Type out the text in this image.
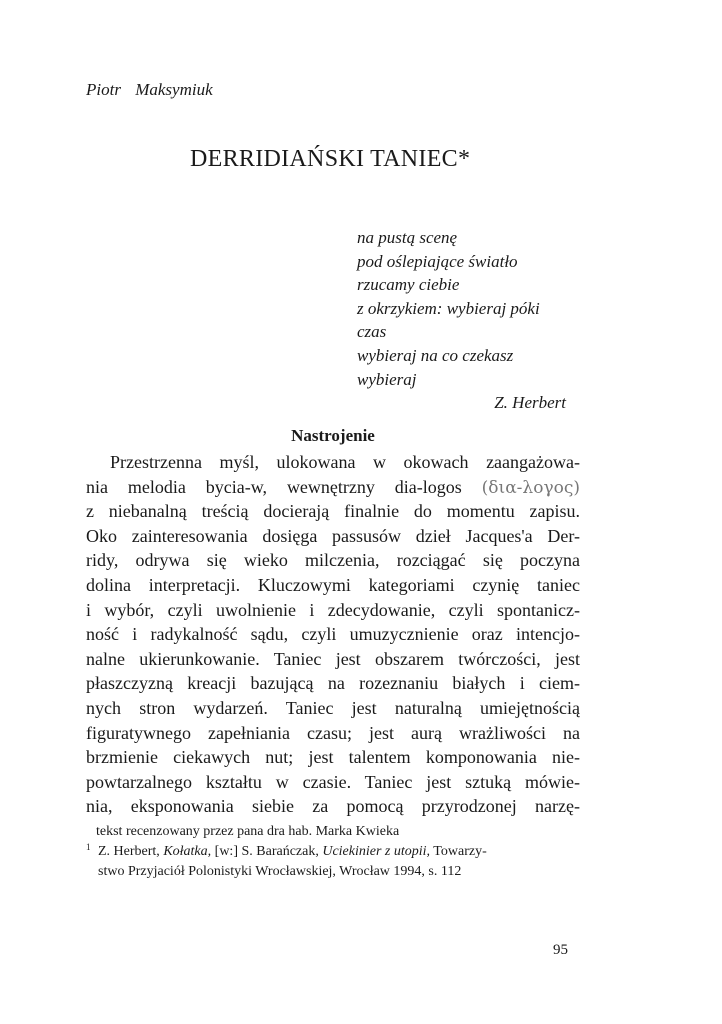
Piotr Maksymiuk
DERRIDIAŃSKI TANIEC*
na pustą scenę
pod oślepiające światło
rzucamy ciebie
z okrzykiem: wybieraj póki
czas
wybieraj na co czekasz
wybieraj
Z. Herbert
Nastrojenie
Przestrzenna myśl, ulokowana w okowach zaangażowa-
nia melodia bycia-w, wewnętrzny dia-logos (δια-λογος)
z niebanalną treścią docierają finalnie do momentu zapisu.
Oko zainteresowania dosięga passusów dzieł Jacques'a Der-
ridy, odrywa się wieko milczenia, rozciągać się poczyna
dolina interpretacji. Kluczowymi kategoriami czynię taniec
i wybór, czyli uwolnienie i zdecydowanie, czyli spontanicz-
ność i radykalność sądu, czyli umuzycznienie oraz intencjo-
nalne ukierunkowanie. Taniec jest obszarem twórczości, jest
płaszczyzną kreacji bazującą na rozeznaniu białych i ciem-
nych stron wydarzeń. Taniec jest naturalną umiejętnością
figuratywnego zapełniania czasu; jest aurą wrażliwości na
brzmienie ciekawych nut; jest talentem komponowania nie-
powtarzalnego kształtu w czasie. Taniec jest sztuką mówie-
nia, eksponowania siebie za pomocą przyrodzonej narzę-
tekst recenzowany przez pana dra hab. Marka Kwieka
1 Z. Herbert, Kołatka, [w:] S. Barańczak, Uciekinier z utopii, Towarzy-
stwo Przyjaciół Polonistyki Wrocławskiej, Wrocław 1994, s. 112
95
